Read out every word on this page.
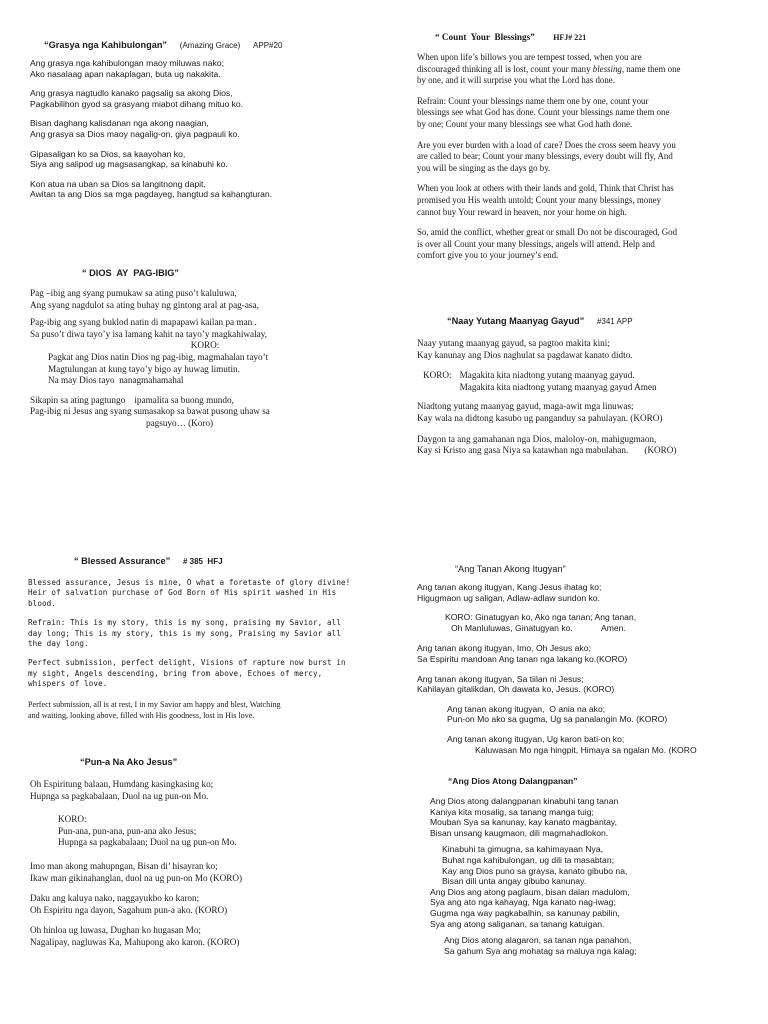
“Grasya nga Kahibulongan” (Amazing Grace) APP#20

Ang grasya nga kahibulongan maoy miluwas nako;
Ako nasalaag apan nakaplagan, buta ug nakakita.

Ang grasya nagtudlo kanako pagsalig sa akong Dios,
Pagkabilihon gyod sa grasyang miabot dihang mituo ko.

Bisan daghang kalisdanan nga akong naagian,
Ang grasya sa Dios maoy nagalig-on, giya pagpauli ko.

Gipasaligan ko sa Dios, sa kaayohan ko,
Siya ang salipod ug magsasangkap, sa kinabuhi ko.

Kon atua na uban sa Dios sa langitnong dapit,
Awitan ta ang Dios sa mga pagdayeg, hangtud sa kahangturan.

“ DIOS  AY  PAG-IBIG”

Pag –ibig ang syang pumukaw sa ating puso’t kaluluwa,
Ang syang nagdulot sa ating buhay ng gintong aral at pag-asa,

Pag-ibig ang syang buklod natin di mapapawi kailan pa man .
Sa puso’t diwa tayo’y isa lamang kahit na tayo’y magkahiwalay,

KORO:

Pagkat ang Dios natin Dios ng pag-ibig, magmahalan tayo’t
Magtulungan at kung tayo’y bigo ay huwag limutin.
Na may Dios tayo  nanagmahamahal

Sikapin sa ating pagtungo    ipamalita sa buong mundo,
Pag-ibig ni Jesus ang syang sumasakop sa bawat pusong uhaw sa

pagsuyo… (Koro)

“ Blessed Assurance” # 385  HFJ

Blessed assurance, Jesus is mine, O what a foretaste of glory divine! Heir of salvation purchase of God Born of His spirit washed in His blood.

Refrain: This is my story, this is my song, praising my Savior, all day long; This is my story, this is my song, Praising my Savior all the day long.

Perfect submission, perfect delight, Visions of rapture now burst in my sight, Angels descending, bring from above, Echoes of mercy, whispers of love.

Perfect submission, all is at rest, I in my Savior am happy and blest, Watching
and waiting, looking above, filled with His goodness, lost in His love.

“Pun-a Na Ako Jesus”

Oh Espiritung balaan, Humdang kasingkasing ko;
Hupnga sa pagkabalaan, Duol na ug pun-on Mo.

KORO:

Pun-ana, pun-ana, pun-ana ako Jesus;
Hupnga sa pagkabalaan; Duol na ug pun-on Mo.

Imo man akong mahupngan, Bisan di’ hisayran ko;
Ikaw man gikinahanglan, duol na ug pun-on Mo (KORO)

Daku ang kaluya nako, naggayukbo ko karon;
Oh Espiritu nga dayon, Sagahum pun-a ako. (KORO)

Oh hinloa ug luwasa, Dughan ko hugasan Mo;
Nagalipay, nagluwas Ka, Mahupong ako karon. (KORO)

“ Count  Your  Blessings” HFJ# 221

When upon life’s billows you are tempest tossed, when you are
discouraged thinking all is lost, count your many blessing, name them one
by one, and it will surprise you what the Lord has done.

Refrain: Count your blessings name them one by one, count your
blessings see what God has done. Count your blessings name them one
by one; Count your many blessings see what God hath done.

Are you ever burden with a load of care? Does the cross seem heavy you
are called to bear; Count your many blessings, every doubt will fly, And
you will be singing as the days go by.

When you look at others with their lands and gold, Think that Christ has
promised you His wealth untold; Count your many blessings, money
cannot buy Your reward in heaven, nor your home on high.

So, amid the conflict, whether great or small Do not be discouraged, God
is over all Count your many blessings, angels will attend. Help and
comfort give you to your journey’s end.

“Naay Yutang Maanyag Gayud” #341 APP

Naay yutang maanyag gayud, sa pagtoo makita kini;
Kay kanunay ang Dios naghulat sa pagdawat kanato didto.

KORO: Magakita kita niadtong yutang maanyag gayud.
Magakita kita niadtong yutang maanyag gayud Amen

Niadtong yutang maanyag gayud, maga-awit mga linuwas;
Kay wala na didtong kasubo ug panganduy sa pahulayan. (KORO)

Daygon ta ang gamahanan nga Dios, maloloy-on, mahigugmaon,
Kay si Kristo ang gasa Niya sa katawhan nga mabulahan. (KORO)

“Ang Tanan Akong Itugyan”

Ang tanan akong itugyan, Kang Jesus ihatag ko;
Higugmaon ug saligan, Adlaw-adlaw sundon ko.

KORO: Ginatugyan ko, Ako nga tanan; Ang tanan,

Oh Manluluwas, Ginatugyan ko.	Amen.

Ang tanan akong itugyan, Imo, Oh Jesus ako;
Sa Espiritu mandoan Ang tanan nga lakang ko.(KORO)

Ang tanan akong itugyan, Sa tiilan ni Jesus;
Kahilayan gitalikdan, Oh dawata ko, Jesus. (KORO)

Ang tanan akong itugyan,  O ania na ako;
Pun-on Mo ako sa gugma, Ug sa panalangin Mo. (KORO)

Ang tanan akong itugyan, Ug karon bati-on ko;

Kaluwasan Mo nga hingpit, Himaya sa ngalan Mo. (KORO

“Ang Dios Atong Dalangpanan”

Ang Dios atong dalangpanan kinabuhi tang tanan
Kaniya kita mosalig, sa tanang manga tuig;
Mouban Sya sa kanunay, kay kanato magbantay,
Bisan unsang kaugmaon, dili magmahadlokon.

Kinabuhi ta gimugna, sa kahimayaan Nya,
Buhat nga kahibulongan, ug dili ta masabtan;
Kay ang Dios puno sa graysa, kanato gibubo na,
Bisan dili unta angay gibubo kanunay.

Ang Dios ang atong paglaum, bisan dalan madulom,
Sya ang ato nga kahayag, Nga kanato nag-iwag;
Gugma nga way pagkabalhin, sa kanunay pabilin,
Sya ang atong saliganan, sa tanang katuigan.

Ang Dios atong alagaron, sa tanan nga panahon,
Sa gahum Sya ang mohatag sa maluya nga kalag;
